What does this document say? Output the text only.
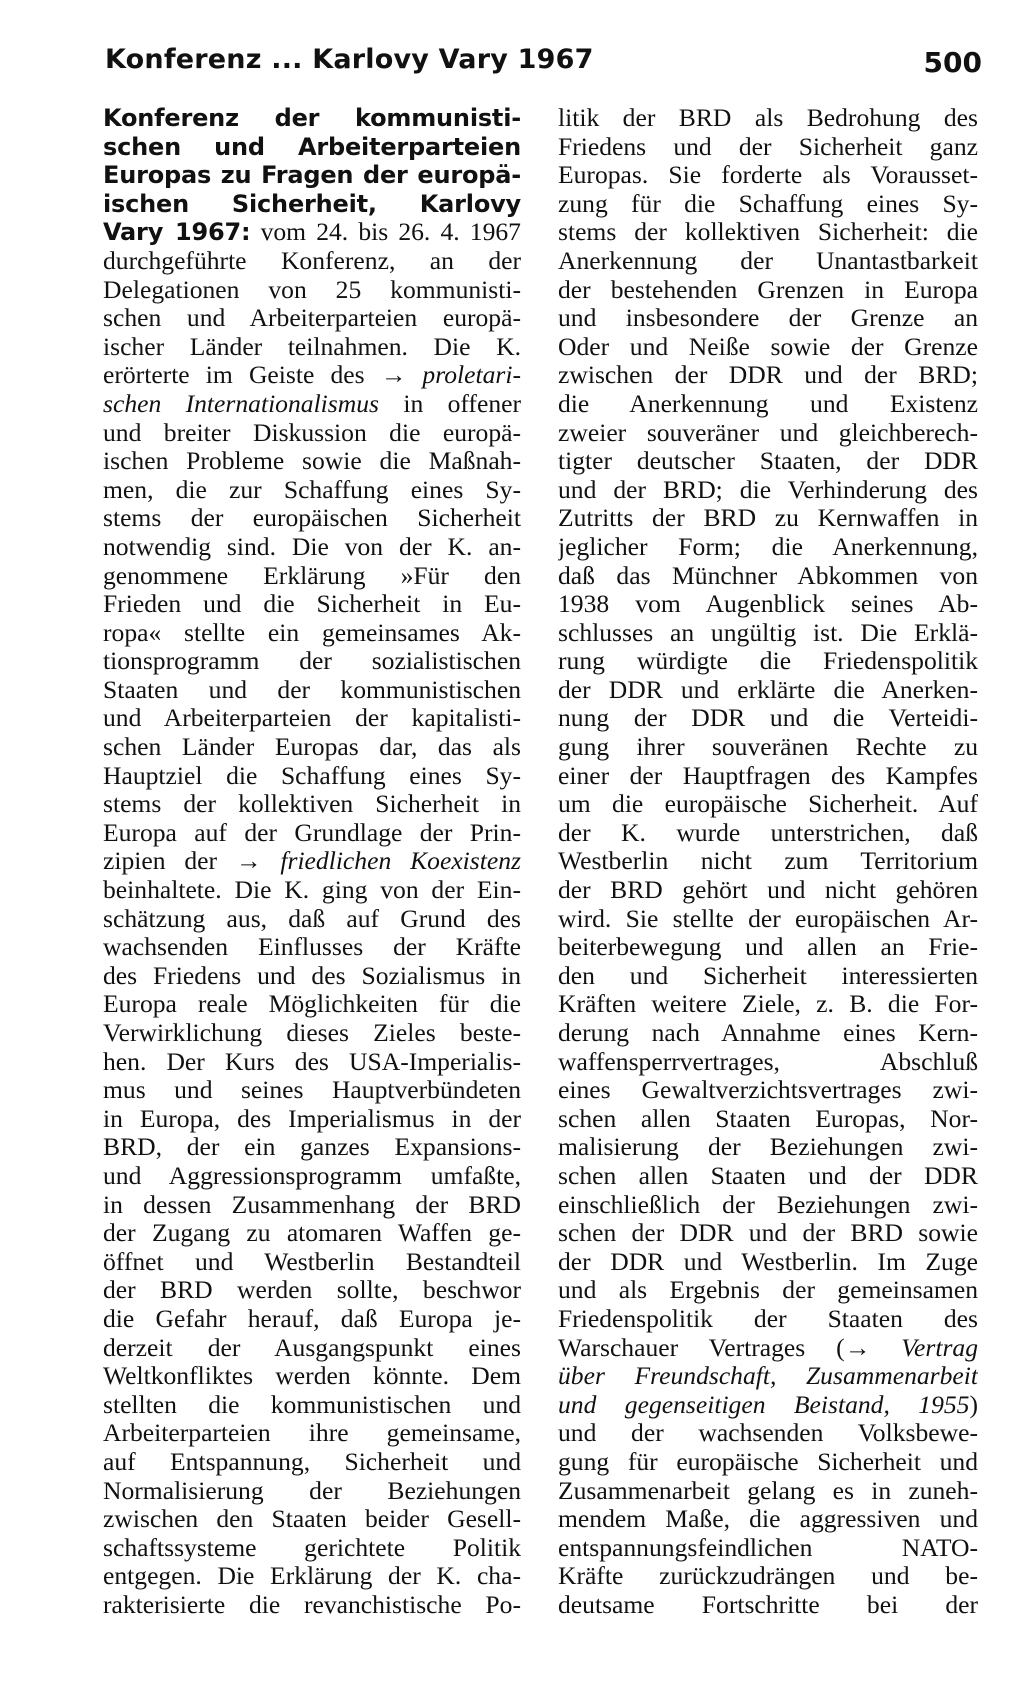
Konferenz ... Karlovy Vary 1967	500
Konferenz der kommunisti-
schen und Arbeiterparteien
Europas zu Fragen der europä-
ischen Sicherheit, Karlovy
Vary 1967: vom 24. bis 26. 4. 1967
durchgeführte Konferenz, an der
Delegationen von 25 kommunisti-
schen und Arbeiterparteien europä-
ischer Länder teilnahmen. Die K.
erörterte im Geiste des → proletari-
schen Internationalismus in offener
und breiter Diskussion die europä-
ischen Probleme sowie die Maßnah-
men, die zur Schaffung eines Sy-
stems der europäischen Sicherheit
notwendig sind. Die von der K. an-
genommene Erklärung »Für den
Frieden und die Sicherheit in Eu-
ropa« stellte ein gemeinsames Ak-
tionsprogramm der sozialistischen
Staaten und der kommunistischen
und Arbeiterparteien der kapitalisti-
schen Länder Europas dar, das als
Hauptziel die Schaffung eines Sy-
stems der kollektiven Sicherheit in
Europa auf der Grundlage der Prin-
zipien der → friedlichen Koexistenz
beinhaltete. Die K. ging von der Ein-
schätzung aus, daß auf Grund des
wachsenden Einflusses der Kräfte
des Friedens und des Sozialismus in
Europa reale Möglichkeiten für die
Verwirklichung dieses Zieles beste-
hen. Der Kurs des USA-Imperialis-
mus und seines Hauptverbündeten
in Europa, des Imperialismus in der
BRD, der ein ganzes Expansions-
und Aggressionsprogramm umfaßte,
in dessen Zusammenhang der BRD
der Zugang zu atomaren Waffen ge-
öffnet und Westberlin Bestandteil
der BRD werden sollte, beschwor
die Gefahr herauf, daß Europa je-
derzeit der Ausgangspunkt eines
Weltkonfliktes werden könnte. Dem
stellten die kommunistischen und
Arbeiterparteien ihre gemeinsame,
auf Entspannung, Sicherheit und
Normalisierung der Beziehungen
zwischen den Staaten beider Gesell-
schaftssysteme gerichtete Politik
entgegen. Die Erklärung der K. cha-
rakterisierte die revanchistische Po-
litik der BRD als Bedrohung des
Friedens und der Sicherheit ganz
Europas. Sie forderte als Vorausset-
zung für die Schaffung eines Sy-
stems der kollektiven Sicherheit: die
Anerkennung der Unantastbarkeit
der bestehenden Grenzen in Europa
und insbesondere der Grenze an
Oder und Neiße sowie der Grenze
zwischen der DDR und der BRD;
die Anerkennung und Existenz
zweier souveräner und gleichberech-
tigter deutscher Staaten, der DDR
und der BRD; die Verhinderung des
Zutritts der BRD zu Kernwaffen in
jeglicher Form; die Anerkennung,
daß das Münchner Abkommen von
1938 vom Augenblick seines Ab-
schlusses an ungültig ist. Die Erklä-
rung würdigte die Friedenspolitik
der DDR und erklärte die Anerken-
nung der DDR und die Verteidi-
gung ihrer souveränen Rechte zu
einer der Hauptfragen des Kampfes
um die europäische Sicherheit. Auf
der K. wurde unterstrichen, daß
Westberlin nicht zum Territorium
der BRD gehört und nicht gehören
wird. Sie stellte der europäischen Ar-
beiterbewegung und allen an Frie-
den und Sicherheit interessierten
Kräften weitere Ziele, z. B. die For-
derung nach Annahme eines Kern-
waffensperrvertrages, Abschluß
eines Gewaltverzichtsvertrages zwi-
schen allen Staaten Europas, Nor-
malisierung der Beziehungen zwi-
schen allen Staaten und der DDR
einschließlich der Beziehungen zwi-
schen der DDR und der BRD sowie
der DDR und Westberlin. Im Zuge
und als Ergebnis der gemeinsamen
Friedenspolitik der Staaten des
Warschauer Vertrages (→ Vertrag
über Freundschaft, Zusammenarbeit
und gegenseitigen Beistand, 1955)
und der wachsenden Volksbewe-
gung für europäische Sicherheit und
Zusammenarbeit gelang es in zuneh-
mendem Maße, die aggressiven und
entspannungsfeindlichen NATO-
Kräfte zurückzudrängen und be-
deutsame Fortschritte bei der
